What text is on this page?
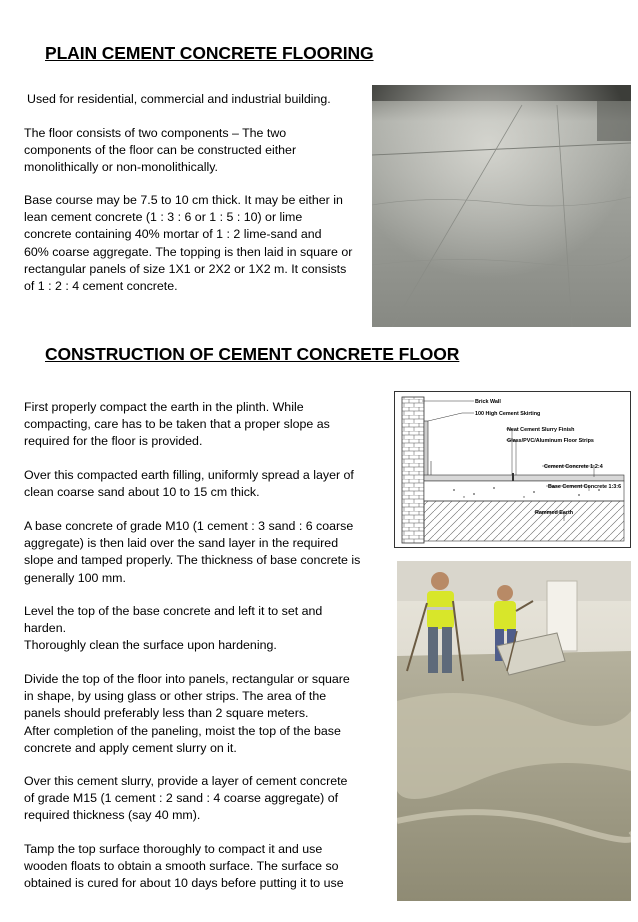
PLAIN CEMENT CONCRETE FLOORING

Used for residential, commercial and industrial building.

The floor consists of two components – The two
components of the floor can be constructed either
monolithically or non-monolithically.

Base course may be 7.5 to 10 cm thick. It may be either in
lean cement concrete (1 : 3 : 6 or 1 : 5 : 10) or lime
concrete containing 40% mortar of 1 : 2 lime-sand and
60% coarse aggregate. The topping is then laid in square or
rectangular panels of size 1X1 or 2X2 or 1X2 m. It consists
of 1 : 2 : 4 cement concrete.

CONSTRUCTION OF CEMENT CONCRETE FLOOR

First properly compact the earth in the plinth. While
compacting, care has to be taken that a proper slope as
required for the floor is provided.

Over this compacted earth filling, uniformly spread a layer of
clean coarse sand about 10 to 15 cm thick.

A base concrete of grade M10 (1 cement : 3 sand : 6 coarse
aggregate) is then laid over the sand layer in the required
slope and tamped properly. The thickness of base concrete is
generally 100 mm.

Level the top of the base concrete and left it to set and
harden.
Thoroughly clean the surface upon hardening.

Divide the top of the floor into panels, rectangular or square
in shape, by using glass or other strips. The area of the
panels should preferably less than 2 square meters.
After completion of the paneling, moist the top of the base
concrete and apply cement slurry on it.

Over this cement slurry, provide a layer of cement concrete
of grade M15 (1 cement : 2 sand : 4 coarse aggregate) of
required thickness (say 40 mm).

Tamp the top surface thoroughly to compact it and use
wooden floats to obtain a smooth surface. The surface so
obtained is cured for about 10 days before putting it to use

Brick Wall
100 High Cement Skirting
Neat Cement Slurry Finish
Glass/PVC/Aluminum Floor Strips
Cement Concrete 1:2:4
Base Cement Concrete 1:3:6
Rammed Earth
